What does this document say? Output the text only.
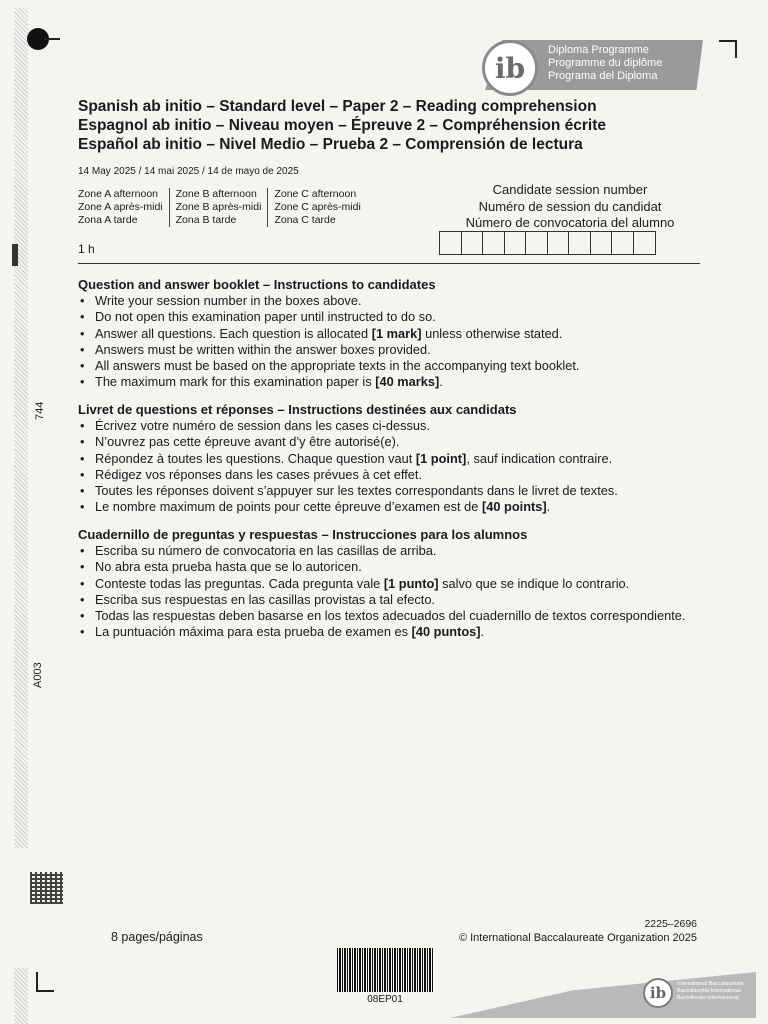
744
A003
ib
Diploma Programme
Programme du diplôme
Programa del Diploma
Spanish ab initio – Standard level – Paper 2 – Reading comprehension
Espagnol ab initio – Niveau moyen – Épreuve 2 – Compréhension écrite
Español ab initio – Nivel Medio – Prueba 2 – Comprensión de lectura
14 May 2025 / 14 mai 2025 / 14 de mayo de 2025
Zone A afternoon
Zone A après-midi
Zona A tarde
Zone B afternoon
Zone B après-midi
Zona B tarde
Zone C afternoon
Zone C après-midi
Zona C tarde
Candidate session number
Numéro de session du candidat
Número de convocatoria del alumno
1 h
Question and answer booklet – Instructions to candidates
• Write your session number in the boxes above.
• Do not open this examination paper until instructed to do so.
• Answer all questions. Each question is allocated [1 mark] unless otherwise stated.
• Answers must be written within the answer boxes provided.
• All answers must be based on the appropriate texts in the accompanying text booklet.
• The maximum mark for this examination paper is [40 marks].
Livret de questions et réponses – Instructions destinées aux candidats
• Écrivez votre numéro de session dans les cases ci-dessus.
• N’ouvrez pas cette épreuve avant d’y être autorisé(e).
• Répondez à toutes les questions. Chaque question vaut [1 point], sauf indication contraire.
• Rédigez vos réponses dans les cases prévues à cet effet.
• Toutes les réponses doivent s’appuyer sur les textes correspondants dans le livret de textes.
• Le nombre maximum de points pour cette épreuve d’examen est de [40 points].
Cuadernillo de preguntas y respuestas – Instrucciones para los alumnos
• Escriba su número de convocatoria en las casillas de arriba.
• No abra esta prueba hasta que se lo autoricen.
• Conteste todas las preguntas. Cada pregunta vale [1 punto] salvo que se indique lo contrario.
• Escriba sus respuestas en las casillas provistas a tal efecto.
• Todas las respuestas deben basarse en los textos adecuados del cuadernillo de textos correspondiente.
• La puntuación máxima para esta prueba de examen es [40 puntos].
8 pages/páginas
2225–2696
© International Baccalaureate Organization 2025
08EP01	ib	International Baccalaureate
Baccalauréat International
Bachillerato Internacional
